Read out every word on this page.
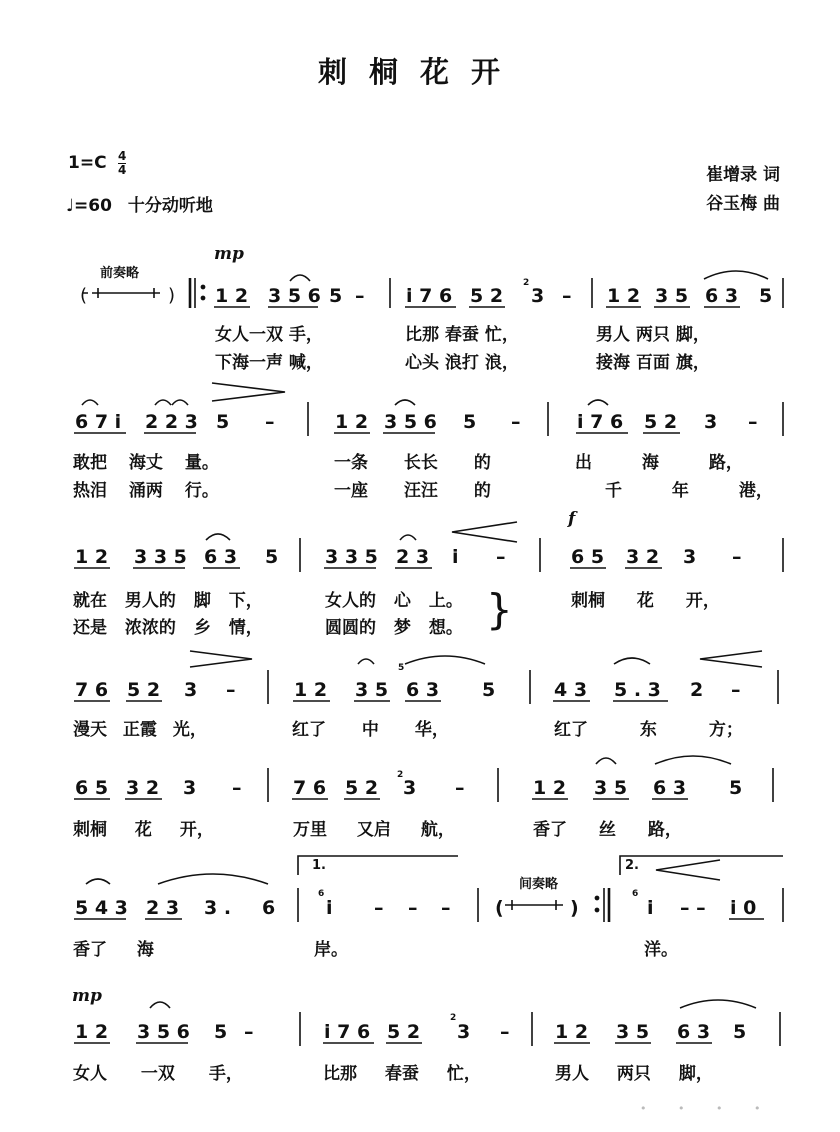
刺桐花开
1=C 4
4
♩=60 十分动听地
崔增录 词
谷玉梅 曲
mp
f
mp
前奏略
间奏略
1.	2.
1 2 3 5 6 5 – i 7 6 5 2 3 – 1 2 3 5 6 3 5
女人一双 手，	比那 春蚕 忙，	男人 两只 脚，
下海一声 喊，	心头 浪打 浪，	接海 百面 旗，
6 7 i 2 2 3 5 –	1 2 3 5 6 5 –	i 7 6 5 2 3 –
敢把 海丈 量。	一条 长长 的	出 海 路，
热泪 涌两 行。	一座 汪汪 的	千 年 港，
1 2 3 3 5 6 3 5 3 3 5 2 3 i –	6 5 3 2 3 –
就在 男人的 脚 下，	女人的 心 上。	刺桐 花 开，
还是 浓浓的 乡 情，	圆圆的 梦 想。 }
7 6 5 2 3 –	1 2 3 5 6 3 5	4 3 5 . 3 2 –
漫天 正霞 光，	红了 中 华，	红了 东 方；
6 5 3 2 3 –	7 6 5 2 3 –	1 2 3 5 6 3 5
刺桐 花 开，	万里 又启 航，	香了 丝 路，
5 4 3 2 3 3 . 6	i – – – (	)	i – – i 0
香了 海	岸。	洋。
1 2 3 5 6 5 –	i 7 6 5 2 3 – 1 2 3 5 6 3 5
女人 一双 手，	比那 春蚕 忙，	男人 两只 脚，
2
5
2
6	6
2
• • • •
(	)
